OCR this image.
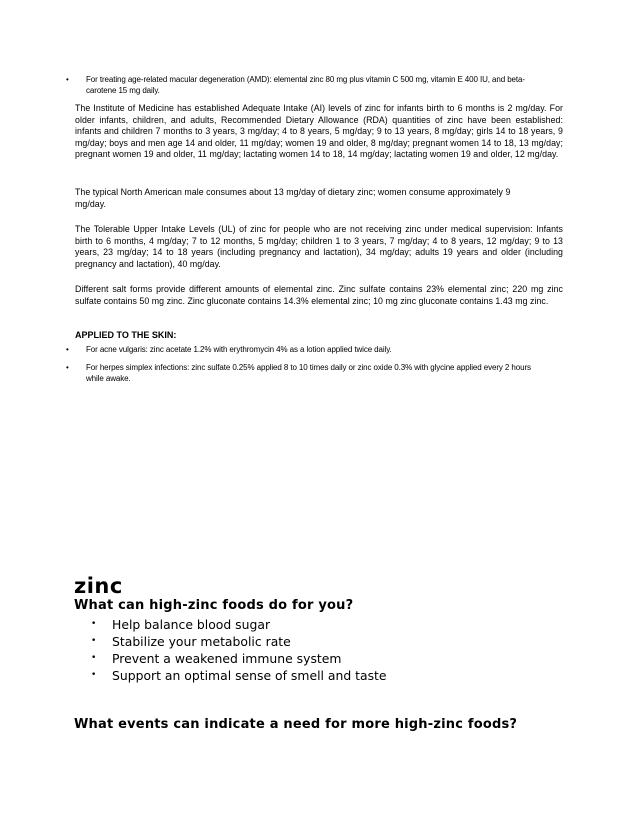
• For treating age-related macular degeneration (AMD): elemental zinc 80 mg plus vitamin C 500 mg, vitamin E 400 IU, and beta-carotene 15 mg daily.
The Institute of Medicine has established Adequate Intake (AI) levels of zinc for infants birth to 6 months is 2 mg/day. For older infants, children, and adults, Recommended Dietary Allowance (RDA) quantities of zinc have been established: infants and children 7 months to 3 years, 3 mg/day; 4 to 8 years, 5 mg/day; 9 to 13 years, 8 mg/day; girls 14 to 18 years, 9 mg/day; boys and men age 14 and older, 11 mg/day; women 19 and older, 8 mg/day; pregnant women 14 to 18, 13 mg/day; pregnant women 19 and older, 11 mg/day; lactating women 14 to 18, 14 mg/day; lactating women 19 and older, 12 mg/day.
The typical North American male consumes about 13 mg/day of dietary zinc; women consume approximately 9 mg/day.
The Tolerable Upper Intake Levels (UL) of zinc for people who are not receiving zinc under medical supervision: Infants birth to 6 months, 4 mg/day; 7 to 12 months, 5 mg/day; children 1 to 3 years, 7 mg/day; 4 to 8 years, 12 mg/day; 9 to 13 years, 23 mg/day; 14 to 18 years (including pregnancy and lactation), 34 mg/day; adults 19 years and older (including pregnancy and lactation), 40 mg/day.
Different salt forms provide different amounts of elemental zinc. Zinc sulfate contains 23% elemental zinc; 220 mg zinc sulfate contains 50 mg zinc. Zinc gluconate contains 14.3% elemental zinc; 10 mg zinc gluconate contains 1.43 mg zinc.
APPLIED TO THE SKIN:
• For acne vulgaris: zinc acetate 1.2% with erythromycin 4% as a lotion applied twice daily.
• For herpes simplex infections: zinc sulfate 0.25% applied 8 to 10 times daily or zinc oxide 0.3% with glycine applied every 2 hours while awake.
zinc
What can high-zinc foods do for you?
• Help balance blood sugar
• Stabilize your metabolic rate
• Prevent a weakened immune system
• Support an optimal sense of smell and taste
What events can indicate a need for more high-zinc foods?
